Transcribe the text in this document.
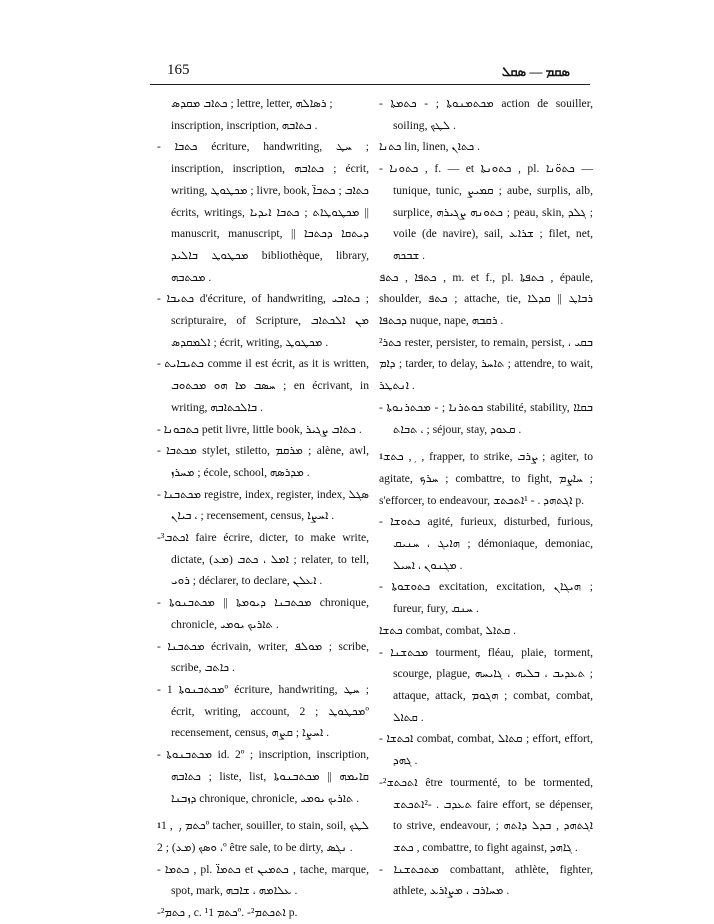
165	ܣܩܡ — ܣܩܠ

ܟܬܐܒ ܡܩܕܣ ; lettre, letter, ܪܣܐܠܗ ;

inscription, inscription, ܟܬܐܒܗ .

- ܟܬܒܐ écriture, handwriting, ܚܛ ; inscription, inscription, ܟܬܐܒܗ ; écrit, writing, ܡܟܛܘܛ ; livre, book, ܟܬܐܒ ; ܟܬܒܐ̈ écrits, writings, ܡܟܛܘܛܐܬ ; ܟܬܒܐ ܐܝܕܝܐ || manuscrit, manuscript, ܕܝܬܩܐ ܕܟܬܒܐ || ܡܟܛܘܛ ܒܐܠܝܕ bibliothèque, library, ܡܟܬܒܗ .

- ܟܬܝܒܐ d'écriture, of handwriting, ܟܬܐܒܝ ; scripturaire, of Scripture, ܡܢ ܐܠܟܬܐܒ ܐܠܡܩܕܣ ; écrit, writing, ܡܟܛܘܛ .

- ܟܬܝܒܐܝܬ comme il est écrit, as it is written, ܚܣܒ ܡܐ ܗܘ ܡܟܬܘܒ ; en écrivant, in writing, ܒܐܠܟܬܐܒܗ .

- ܟܬܒܘܢܐ petit livre, little book, ܟܬܐܒ ܨܓܝܪ .

- ܡܟܬܒܐ stylet, stiletto, ܡܪܩܡ ; alène, awl, ܡܚܪܙ ; école, school, ܡܕܪܣܗ .

- ܡܟܬܒܢܐ registre, index, register, index, ܣܓܠ ، ܒܝܐܢ ; recensement, census, ܐܚܨܐ .

-³ܐܟܬܒ faire écrire, dicter, to make write, dictate, ܐܡܠ ، ܟܬܒ (ܡܥ) ; relater, to tell, ܪܘܝ ; déclarer, to declare, ܐܥܠܢ .

- ܡܟܬܒܢܐ ܕܝܘܡܬܐ || ܡܟܬܒܢܘܬܐ chronique, chronicle, ܬܐܪܝܟ ܝܘܡܝ .

- ܡܟܬܒܢܐ écrivain, writer, ܡܘܠܦ ; scribe, scribe, ܟܐܬܒ .

- ܡܟܬܒܢܘܬܐ 1º écriture, handwriting, ܚܛ ; écrit, writing, account, ܡܟܛܘܛ ; 2º recensement, census, ܐܚܨܐ ; ܩܨܗ .

- ܡܟܬܒܢܘܬܐ id. 2º ; inscription, inscription, ܟܬܐܒܗ ; liste, list, ܩܐܝܡܗ || ܡܟܬܒܢܘܬܐ ܕܙܒܢܐ chronique, chronicle, ܬܐܪܝܟ ܝܘܡܝ .

$^1$ܟܬܡ , ܼ , 1º tacher, souiller, to stain, soil, ܠܛܟ ، ܘܣܟ (ܡܥ) ; 2º être sale, to be dirty, ܢܓܣ .

- ܟܬܡܐ , pl. ܟܬܡܐ̈ et ܟܬܡܝܢ , tache, marque, spot, mark, ܥܠܐܡܗ ، ܫܐܒܗ .

-²ܟܬܡ , c. ¹ܟܬܡ 1º. -²ܐܬܟܬܡ p.

- ܡܟܬܡܢܘܬܐ ; - ܟܬܡܬܐ action de souiller, soiling, ܠܛܟ .

ܟܬܢܐ lin, linen, ܟܬܐܢ .

- ܟܬܘܢܐ , f. — et ܟܬܘܢܬܐ , pl. ܟܬܘ̈ܢܐ — tunique, tunic, ܩܡܝܨ ; aube, surplis, alb, surplice, ܟܬܘܢܗ ܨܓܝܪܗ ; peau, skin, ܓܠܕ ; voile (de navire), sail, ܫܪܐܥ ; filet, net, ܫܒܟܗ .

ܟܬܦܐ , ܟܬܦ , m. et f., pl. ܟܬܦܬܐ , épaule, shoulder, ܟܬܦ ; attache, tie, ܪܒܐܛ || ܩܕܠܐ ܕܟܬܦܐ nuque, nape, ܪܩܒܗ .

²ܟܬܪ rester, persister, to remain, persist, ܒܩܝ ، ܕܐܡ ; tarder, to delay, ܬܐܚܪ ; attendre, to wait, ܐܢܬܛܪ .

- ܟܘܬܪܢܐ ; - ܡܟܬܪܢܘܬܐ stabilité, stability, ܒܩܐܐ ، ܬܒܐܬ ; séjour, stay, ܩܥܘܕ .

$^1$ܟܬܫ , ܼ , frapper, to strike, ܨܪܒ ; agiter, to agitate, ܚܪܟ ; combattre, to fight, ܚܐܨܡ ; s'efforcer, to endeavour, ܐܓܬܗܕ . - ¹ܐܬܟܬܫ p.

- ܟܬܘܫܐ agité, furieux, disturbed, furious, ܗܐܝܓ ، ܚܢܝܩ ; démoniaque, demoniac, ܡܓܢܘܢ ، ܐܚܝܠ .

- ܟܬܘܫܘܬܐ excitation, excitation, ܗܝܓܐܢ ; fureur, fury, ܚܢܩ .

ܟܬܫܐ combat, combat, ܩܬܐܠ .

- ܡܟܬܫܢܐ tourment, fléau, plaie, torment, scourge, plague, ܬܥܕܝܒ ، ܒܠܝܗ ، ܓܐܝܚܗ ; attaque, attack, ܗܓܘܡ ; combat, combat, ܩܬܐܠ .

- ܐܟܬܫܐ combat, combat, ܩܬܐܠ ; effort, effort, ܓܗܕ .

-²ܐܬܟܬܫ être tourmenté, to be tormented, ܬܥܕܒ . -²ܐܬܟܬܫ faire effort, se dépenser, to strive, endeavour, ܐܓܬܗܕ , ܒܕܠ ܕܐܬܗ ; ܟܬܫ , combattre, to fight against, ܓܐܗܕ .

- ܡܬܟܬܫܢܐ combattant, athlète, fighter, athlete, ܡܚܐܪܒ ، ܡܨܐܪܥ .
